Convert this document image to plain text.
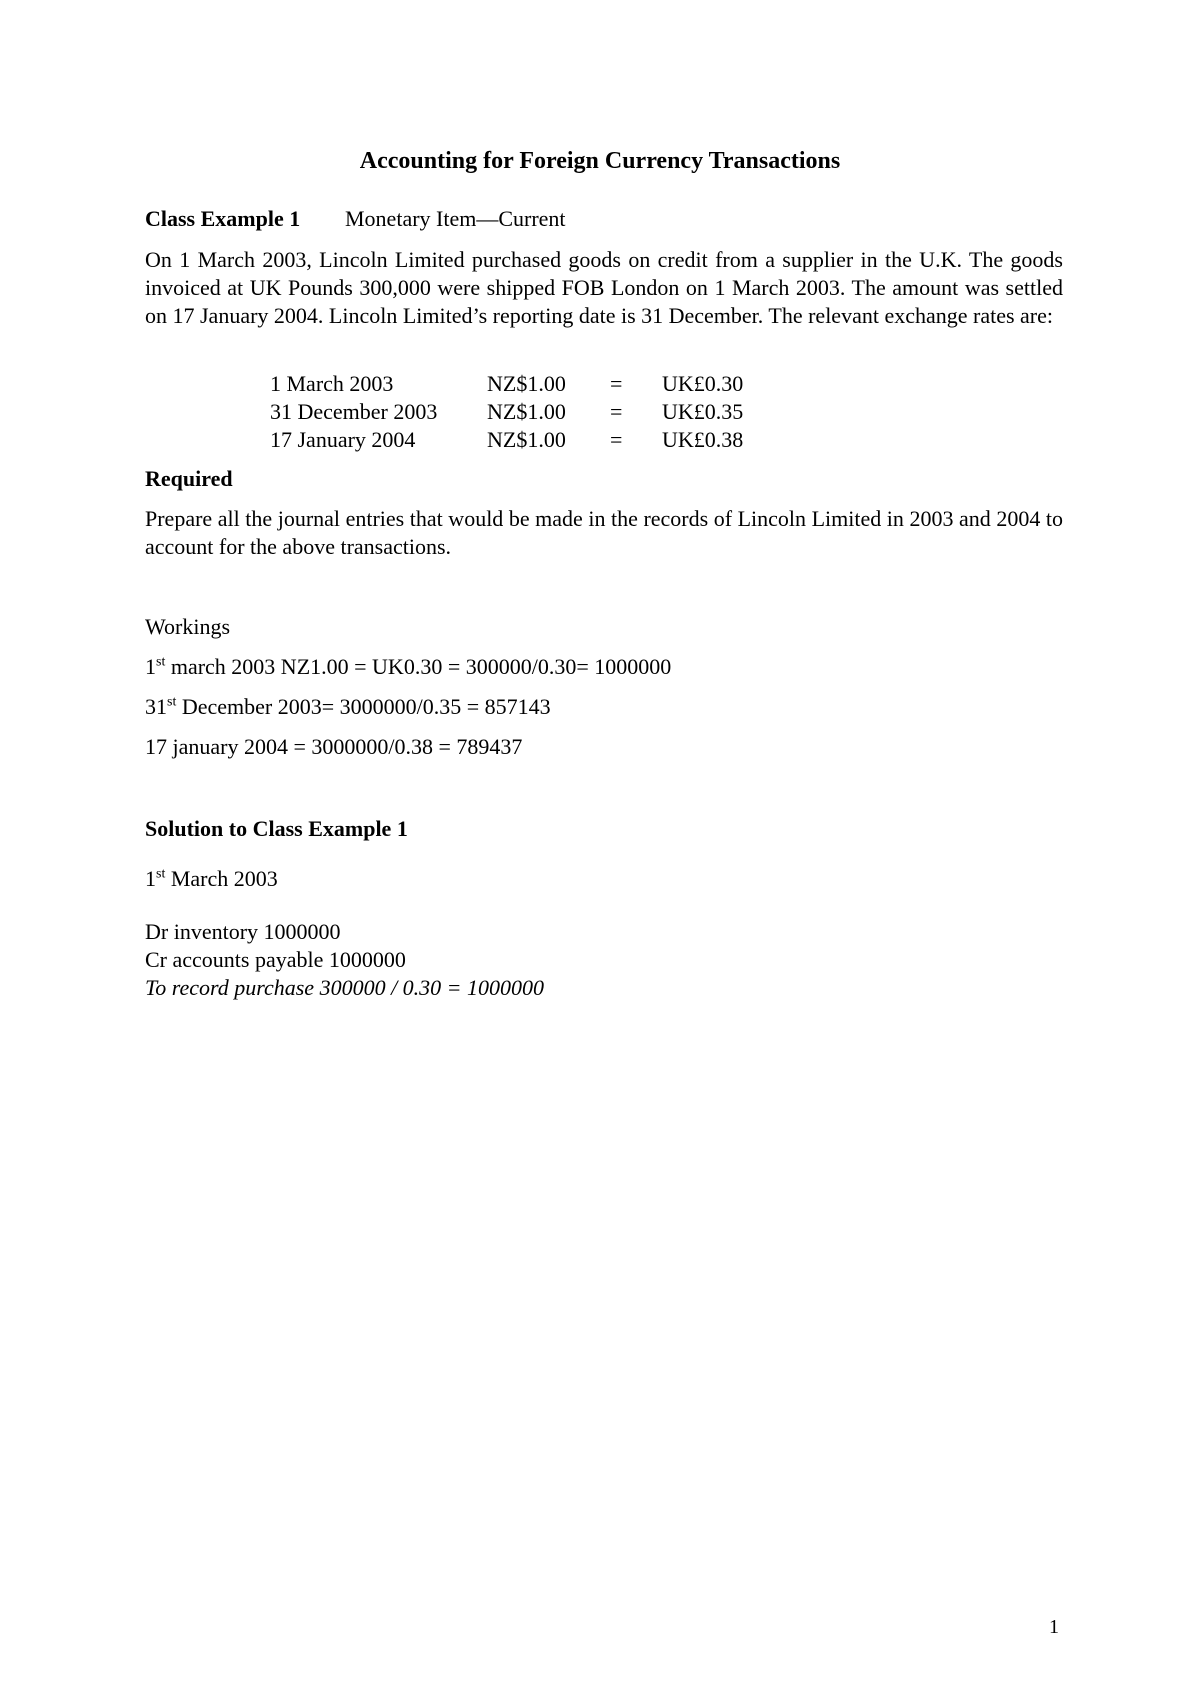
Accounting for Foreign Currency Transactions
Class Example 1 Monetary Item—Current
On 1 March 2003, Lincoln Limited purchased goods on credit from a supplier in the U.K. The goods invoiced at UK Pounds 300,000 were shipped FOB London on 1 March 2003. The amount was settled on 17 January 2004. Lincoln Limited’s reporting date is 31 December. The relevant exchange rates are:
1 March 2003	NZ$1.00 = UK£0.30
31 December 2003 NZ$1.00 = UK£0.35
17 January 2004	NZ$1.00 = UK£0.38
Required
Prepare all the journal entries that would be made in the records of Lincoln Limited in 2003 and 2004 to account for the above transactions.
Workings
1st march 2003 NZ1.00 = UK0.30 = 300000/0.30= 1000000
31st December 2003= 3000000/0.35 = 857143
17 january 2004 = 3000000/0.38 = 789437
Solution to Class Example 1
1st March 2003
Dr inventory 1000000
Cr accounts payable 1000000
To record purchase 300000 / 0.30 = 1000000
1
